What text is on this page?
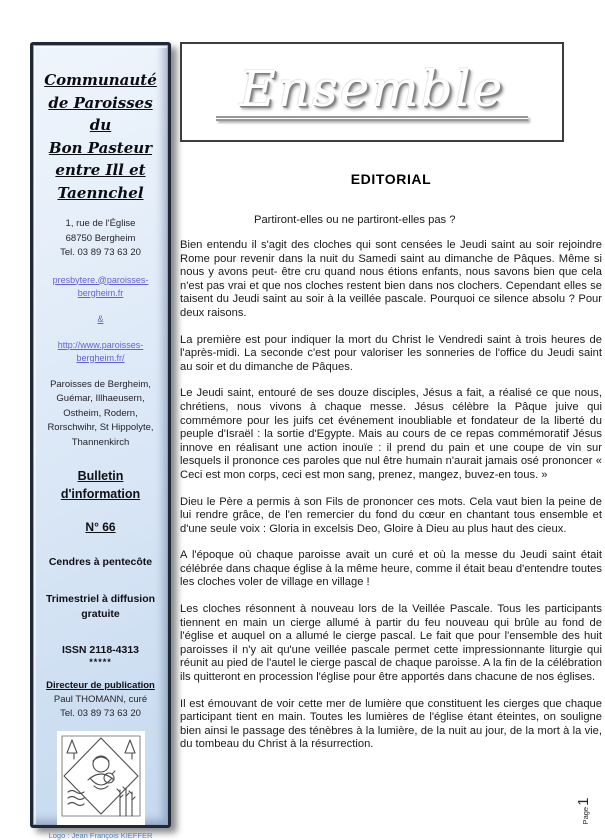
Communauté
de Paroisses du
Bon Pasteur
entre Ill et
Taennchel
1, rue de l'Église
68750 Bergheim
Tel. 03 89 73 63 20
presbytere.@paroisses-bergheim.fr
&
http://www.paroisses-bergheim.fr/
Paroisses de Bergheim, Guémar, Illhaeusern, Ostheim, Rodern, Rorschwihr, St Hippolyte, Thannenkirch
Bulletin d'information
N° 66
Cendres à pentecôte
Trimestriel à diffusion gratuite
ISSN 2118-4313
*****
Directeur de publication
Paul THOMANN, curé
Tel. 03 89 73 63 20
Logo : Jean François KIEFFER
Ensemble
EDITORIAL

Partiront-elles ou ne partiront-elles pas ?

Bien entendu il s'agit des cloches qui sont censées le Jeudi saint au soir rejoindre Rome pour revenir dans la nuit du Samedi saint au dimanche de Pâques. Même si nous y avons peut- être cru quand nous étions enfants, nous savons bien que cela n'est pas vrai et que nos cloches restent bien dans nos clochers. Cependant elles se taisent du Jeudi saint au soir à la veillée pascale. Pourquoi ce silence absolu ? Pour deux raisons.

La première est pour indiquer la mort du Christ le Vendredi saint à trois heures de l'après-midi. La seconde c'est pour valoriser les sonneries de l'office du Jeudi saint au soir et du dimanche de Pâques.

Le Jeudi saint, entouré de ses douze disciples, Jésus a fait, a réalisé ce que nous, chrétiens, nous vivons à chaque messe. Jésus célèbre la Pâque juive qui commémore pour les juifs cet événement inoubliable et fondateur de la liberté du peuple d'Israël : la sortie d'Egypte. Mais au cours de ce repas commémoratif Jésus innove en réalisant une action inouïe : il prend du pain et une coupe de vin sur lesquels il prononce ces paroles que nul être humain n'aurait jamais osé prononcer « Ceci est mon corps, ceci est mon sang, prenez, mangez, buvez-en tous. »

Dieu le Père a permis à son Fils de prononcer ces mots. Cela vaut bien la peine de lui rendre grâce, de l'en remercier du fond du cœur en chantant tous ensemble et d'une seule voix : Gloria in excelsis Deo, Gloire à Dieu au plus haut des cieux.

A l'époque où chaque paroisse avait un curé et où la messe du Jeudi saint était célébrée dans chaque église à la même heure, comme il était beau d'entendre toutes les cloches voler de village en village !

Les cloches résonnent à nouveau lors de la Veillée Pascale. Tous les participants tiennent en main un cierge allumé à partir du feu nouveau qui brûle au fond de l'église et auquel on a allumé le cierge pascal. Le fait que pour l'ensemble des huit paroisses il n'y ait qu'une veillée pascale permet cette impressionnante liturgie qui réunit au pied de l'autel le cierge pascal de chaque paroisse. A la fin de la célébration ils quitteront en procession l'église pour être apportés dans chacune de nos églises.

Il est émouvant de voir cette mer de lumière que constituent les cierges que chaque participant tient en main. Toutes les lumières de l'église étant éteintes, on souligne bien ainsi le passage des ténèbres à la lumière, de la nuit au jour, de la mort à la vie, du tombeau du Christ à la résurrection.

Page
1
